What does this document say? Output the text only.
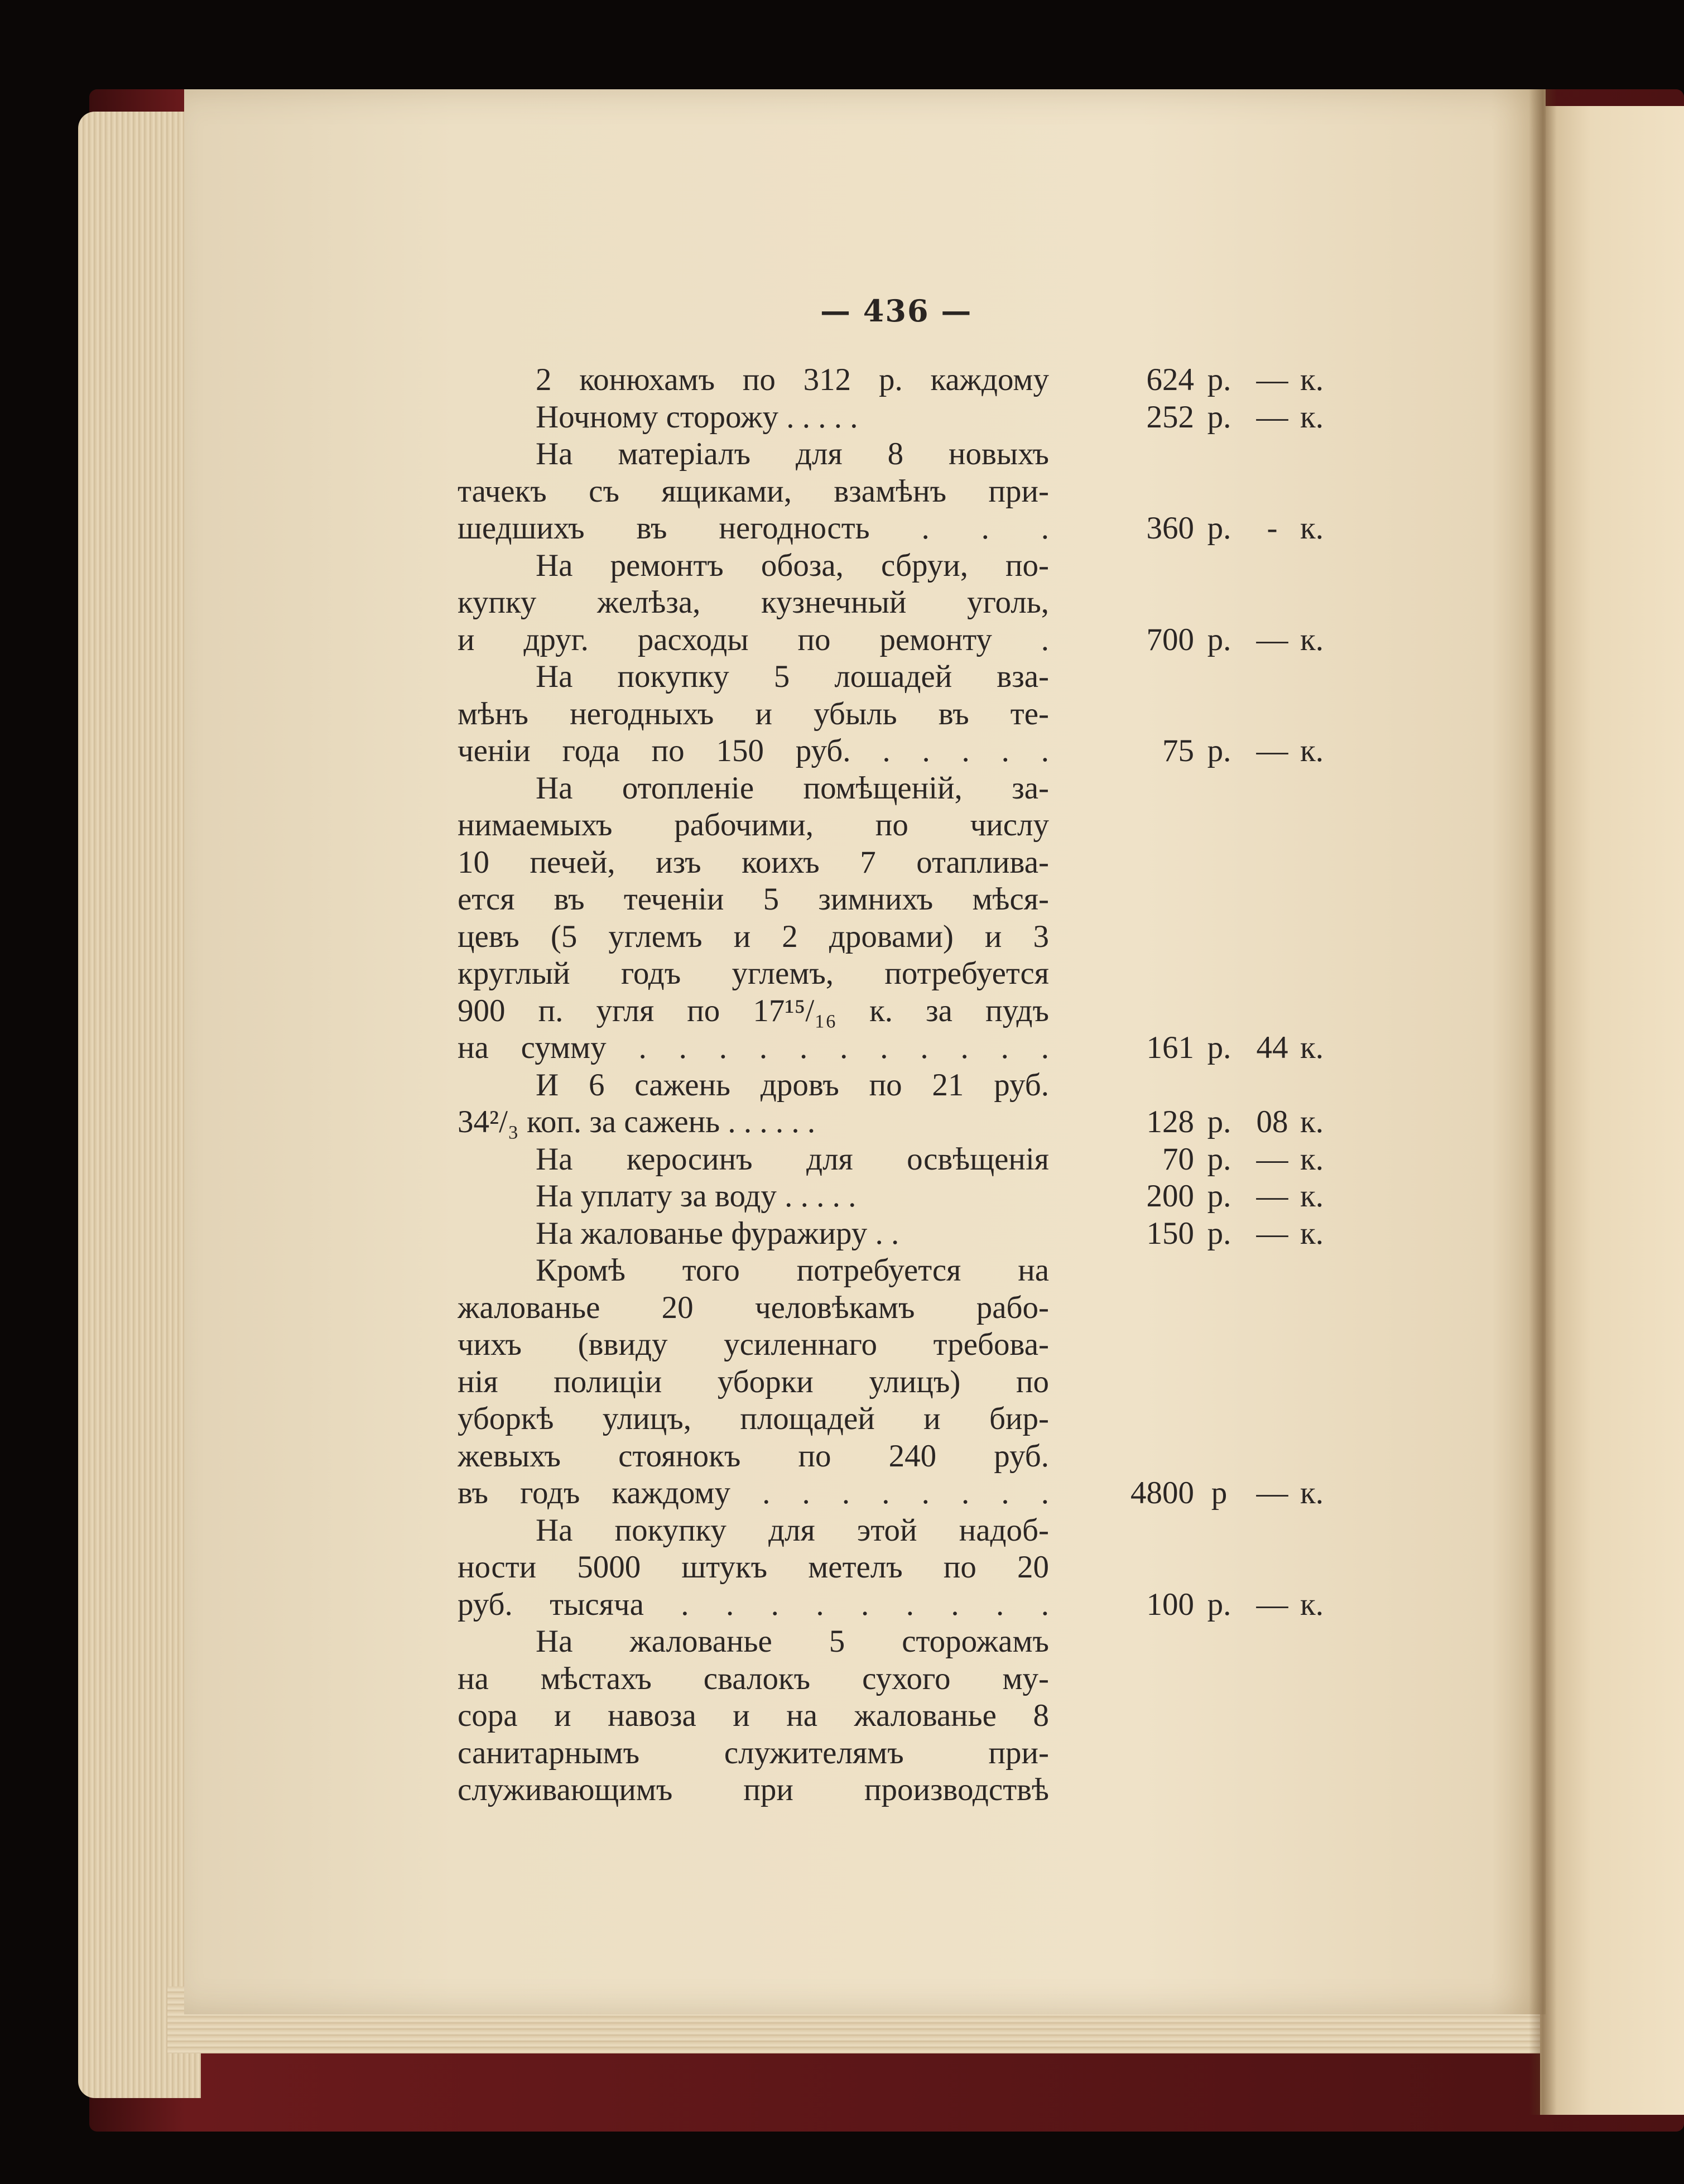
— 436 —
2 конюхамъ по 312 р. каждому
Ночному сторожу . . . . .
На матеріалъ для 8 новыхъ
тачекъ съ ящиками, взамѣнъ при-
шедшихъ въ негодность . . .
На ремонтъ обоза, сбруи, по-
купку желѣза, кузнечный уголь,
и друг. расходы по ремонту .
На покупку 5 лошадей вза-
мѣнъ негодныхъ и убыль въ те-
ченіи года по 150 руб. . . . . .
На отопленіе помѣщеній, за-
нимаемыхъ рабочими, по числу
10 печей, изъ коихъ 7 отаплива-
ется въ теченіи 5 зимнихъ мѣся-
цевъ (5 углемъ и 2 дровами) и 3
круглый годъ углемъ, потребуется
900 п. угля по 17¹⁵/₁₆ к. за пудъ
на сумму . . . . . . . . . . .
И 6 сажень дровъ по 21 руб.
34²/₃ коп. за сажень . . . . . .
На керосинъ для освѣщенія
На уплату за воду . . . . .
На жалованье фуражиру . .
Кромѣ того потребуется на
жалованье 20 человѣкамъ рабо-
чихъ (ввиду усиленнаго требова-
нія полиціи уборки улицъ) по
уборкѣ улицъ, площадей и бир-
жевыхъ стоянокъ по 240 руб.
въ годъ каждому . . . . . . . .
На покупку для этой надоб-
ности 5000 штукъ метелъ по 20
руб. тысяча . . . . . . . . .
На жалованье 5 сторожамъ
на мѣстахъ свалокъ сухого му-
сора и навоза и на жалованье 8
санитарнымъ служителямъ при-
служивающимъ при производствѣ
624 р. — к.
252 р. — к.
360 р.	- к.
700 р. — к.
75 р. — к.
161 р. 44 к.
128 р. 08 к.
70 р. — к.
200 р. — к.
150 р. — к.
4800 р — к.
100 р. — к.
